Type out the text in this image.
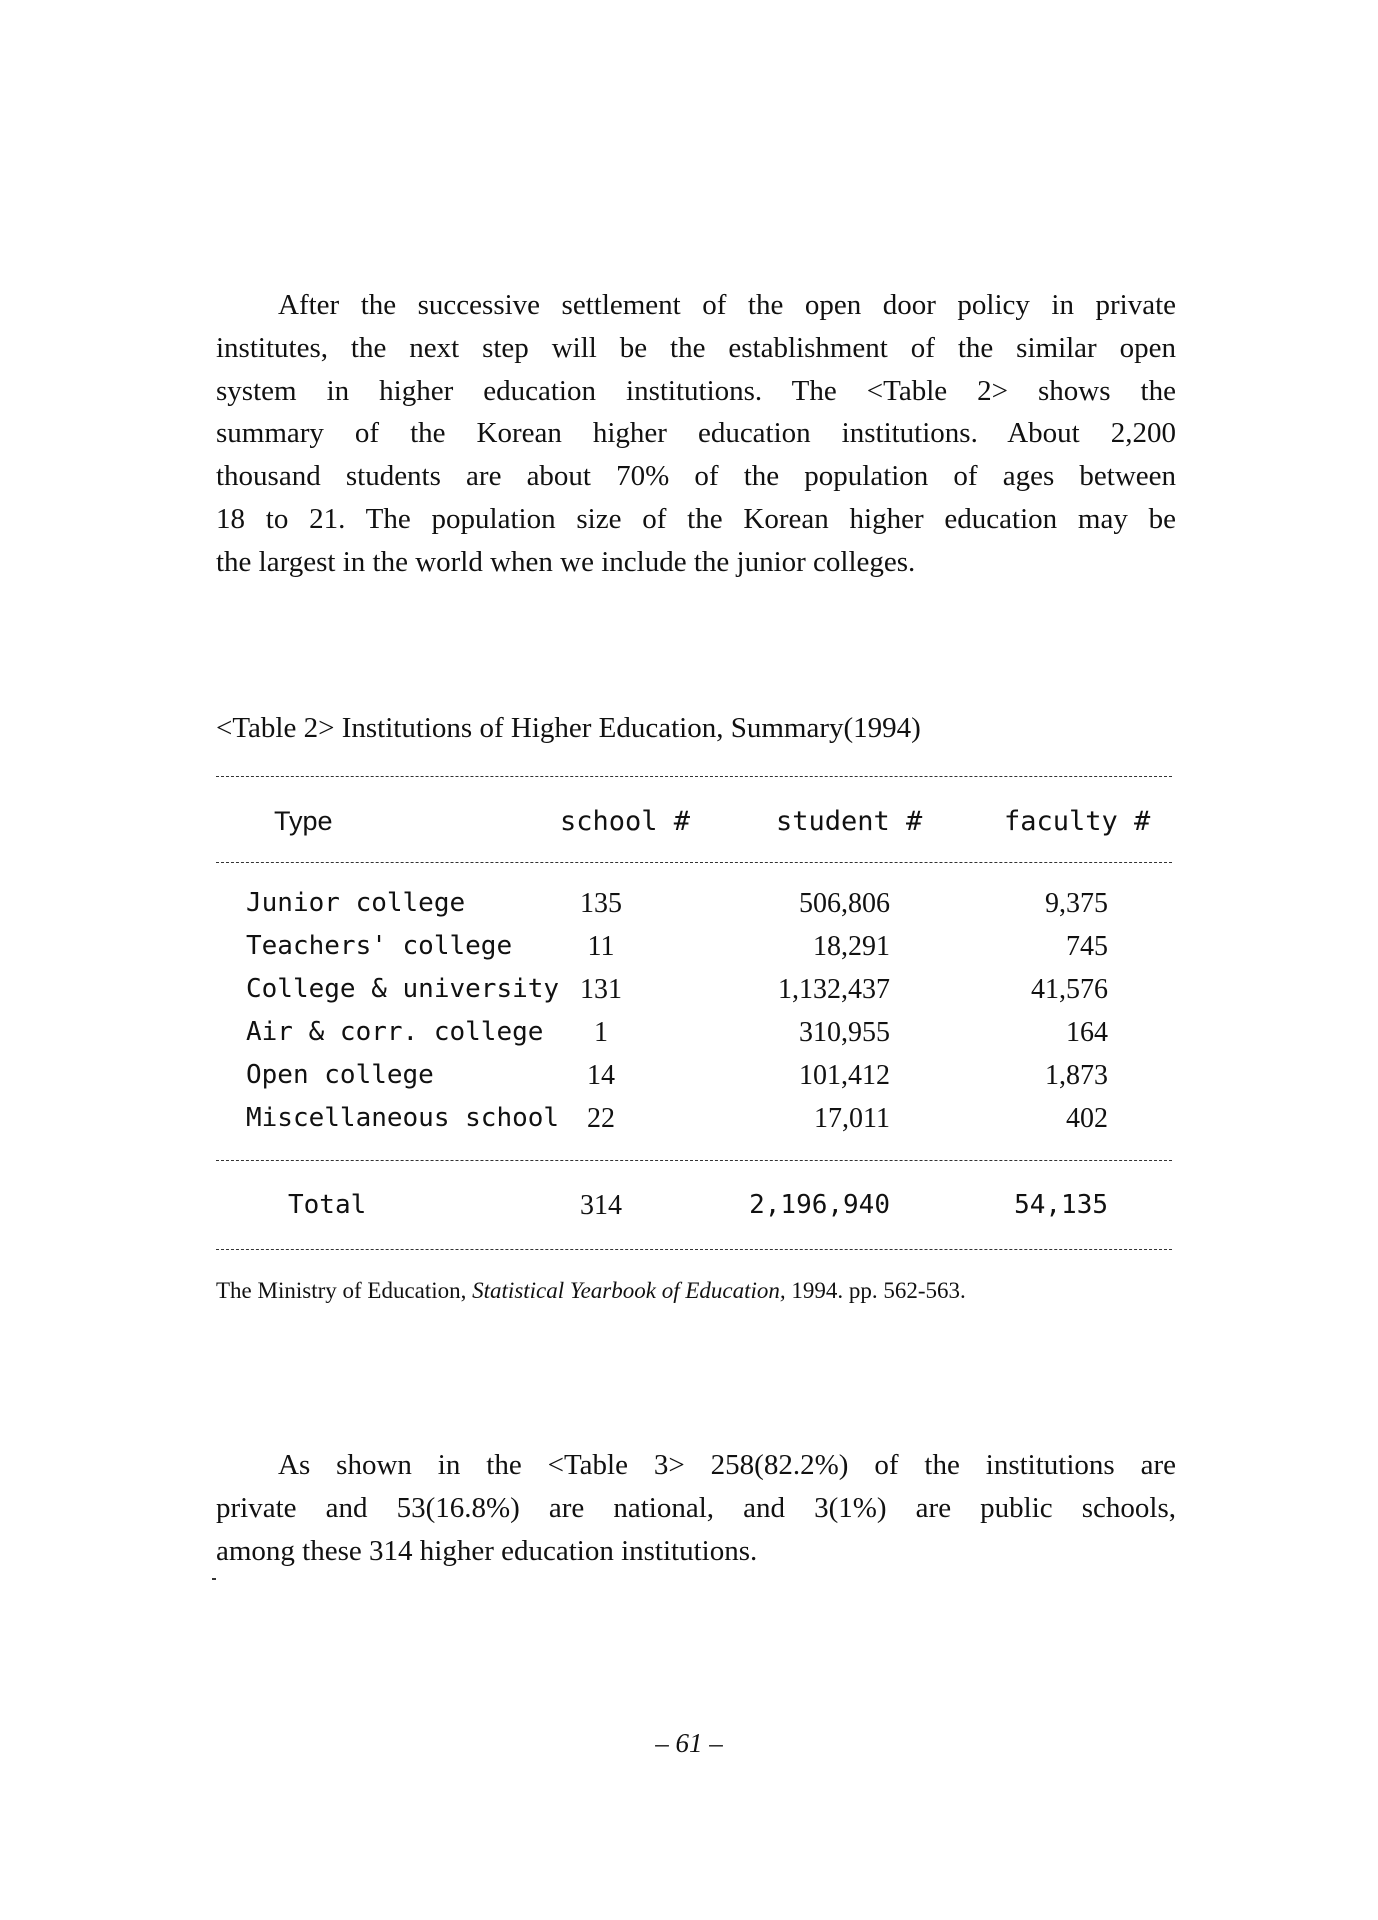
After the successive settlement of the open door policy in private
institutes, the next step will be the establishment of the similar open
system in higher education institutions. The <Table 2> shows the
summary of the Korean higher education institutions. About 2,200
thousand students are about 70% of the population of ages between
18 to 21. The population size of the Korean higher education may be
the largest in the world when we include the junior colleges.

<Table 2> Institutions of Higher Education, Summary(1994)
Type	school #	student #	faculty #
Junior college	135	506,806	9,375
Teachers' college	11	18,291	745
College & university 131	1,132,437	41,576
Air & corr. college	1	310,955	164
Open college	14	101,412	1,873
Miscellaneous school 22	17,011	402
Total	314	2,196,940	54,135
The Ministry of Education, Statistical Yearbook of Education, 1994. pp. 562-563.

As shown in the <Table 3> 258(82.2%) of the institutions are
private and 53(16.8%) are national, and 3(1%) are public schools,
among these 314 higher education institutions.

– 61 –
